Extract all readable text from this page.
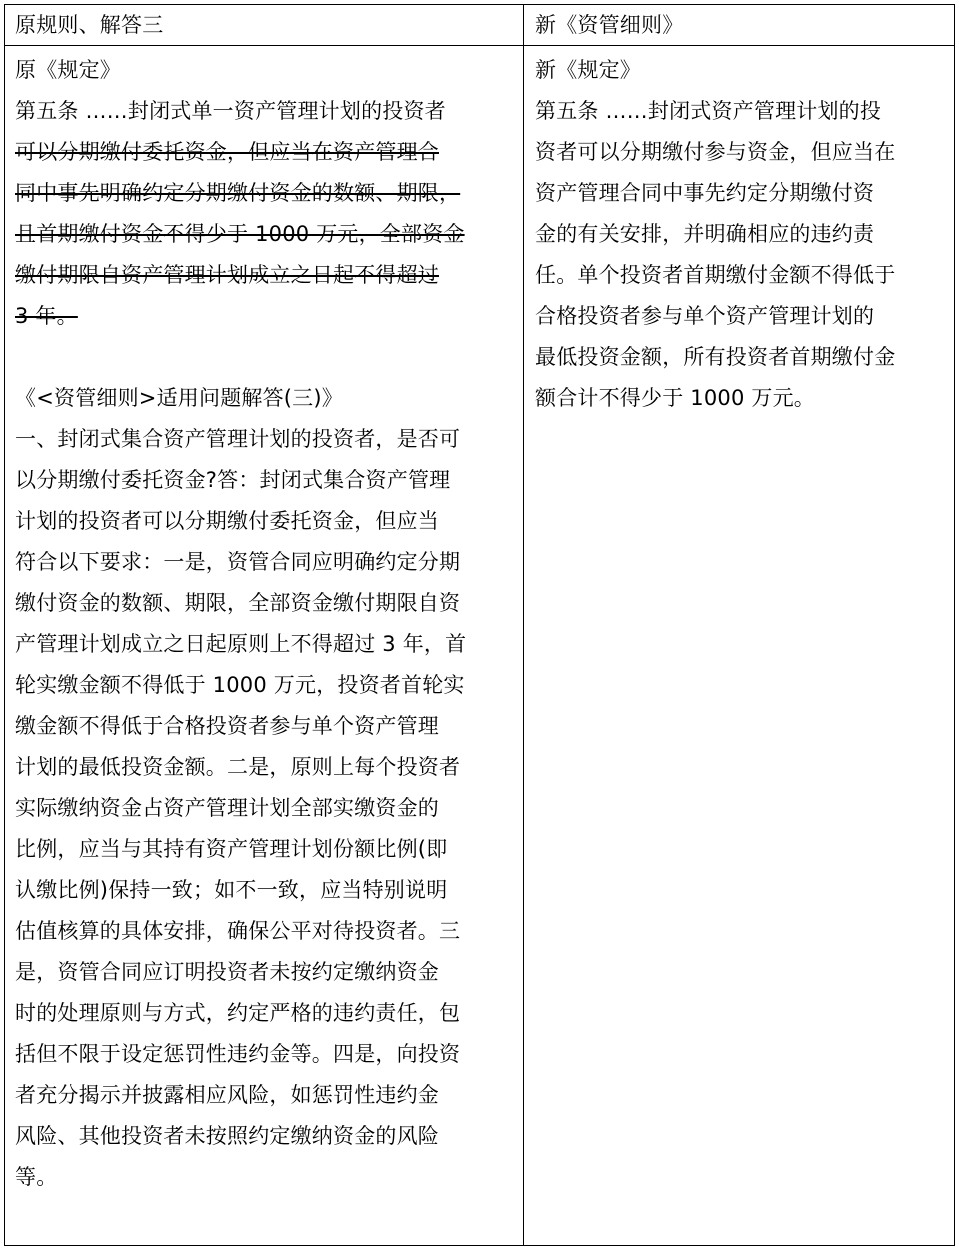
原规则、解答三	新《资管细则》
原《规定》
第五条 ……封闭式单一资产管理计划的投资者
可以分期缴付委托资金，但应当在资产管理合
同中事先明确约定分期缴付资金的数额、期限，
且首期缴付资金不得少于 1000 万元，全部资金
缴付期限自资产管理计划成立之日起不得超过
3 年。
《<资管细则>适用问题解答(三)》
一、封闭式集合资产管理计划的投资者，是否可
以分期缴付委托资金?答：封闭式集合资产管理
计划的投资者可以分期缴付委托资金，但应当
符合以下要求：一是，资管合同应明确约定分期
缴付资金的数额、期限，全部资金缴付期限自资
产管理计划成立之日起原则上不得超过 3 年，首
轮实缴金额不得低于 1000 万元，投资者首轮实
缴金额不得低于合格投资者参与单个资产管理
计划的最低投资金额。二是，原则上每个投资者
实际缴纳资金占资产管理计划全部实缴资金的
比例，应当与其持有资产管理计划份额比例(即
认缴比例)保持一致；如不一致，应当特别说明
估值核算的具体安排，确保公平对待投资者。三
是，资管合同应订明投资者未按约定缴纳资金
时的处理原则与方式，约定严格的违约责任，包
括但不限于设定惩罚性违约金等。四是，向投资
者充分揭示并披露相应风险，如惩罚性违约金
风险、其他投资者未按照约定缴纳资金的风险
等。
新《规定》
第五条 ……封闭式资产管理计划的投
资者可以分期缴付参与资金，但应当在
资产管理合同中事先约定分期缴付资
金的有关安排，并明确相应的违约责
任。单个投资者首期缴付金额不得低于
合格投资者参与单个资产管理计划的
最低投资金额，所有投资者首期缴付金
额合计不得少于 1000 万元。
